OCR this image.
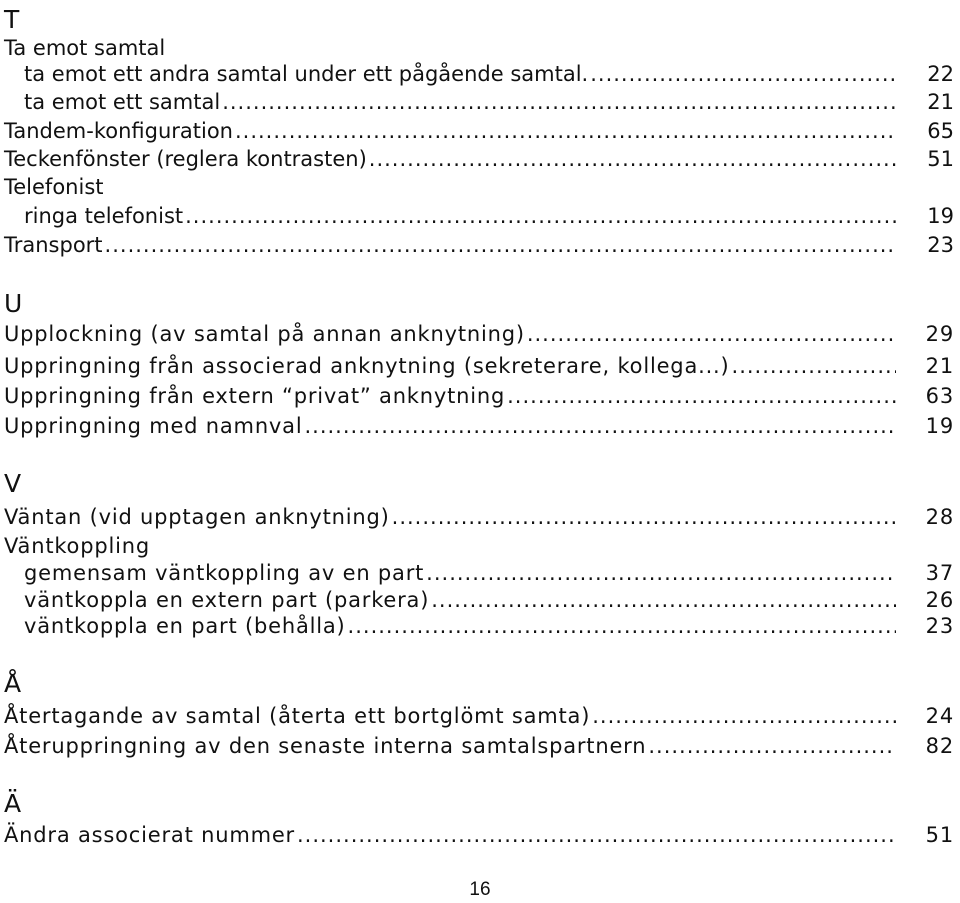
T
Ta emot samtal
ta emot ett andra samtal under ett pågående samtal. .....	22
ta emot ett samtal .....	21
Tandem-konfiguration .....	65
Teckenfönster (reglera kontrasten) .....	51
Telefonist
ringa telefonist .....	19
Transport .....	23
U
Upplockning (av samtal på annan anknytning) .....	29
Uppringning från associerad anknytning (sekreterare, kollega...) .....	21
Uppringning från extern “privat” anknytning .....	63
Uppringning med namnval .....	19
V
Väntan (vid upptagen anknytning) .....	28
Väntkoppling
gemensam väntkoppling av en part .....	37
väntkoppla en extern part (parkera) .....	26
väntkoppla en part (behålla) .....	23
Å
Återtagande av samtal (återta ett bortglömt samta) .....	24
Återuppringning av den senaste interna samtalspartnern .....	82
Ä
Ändra associerat nummer .....	51
16
